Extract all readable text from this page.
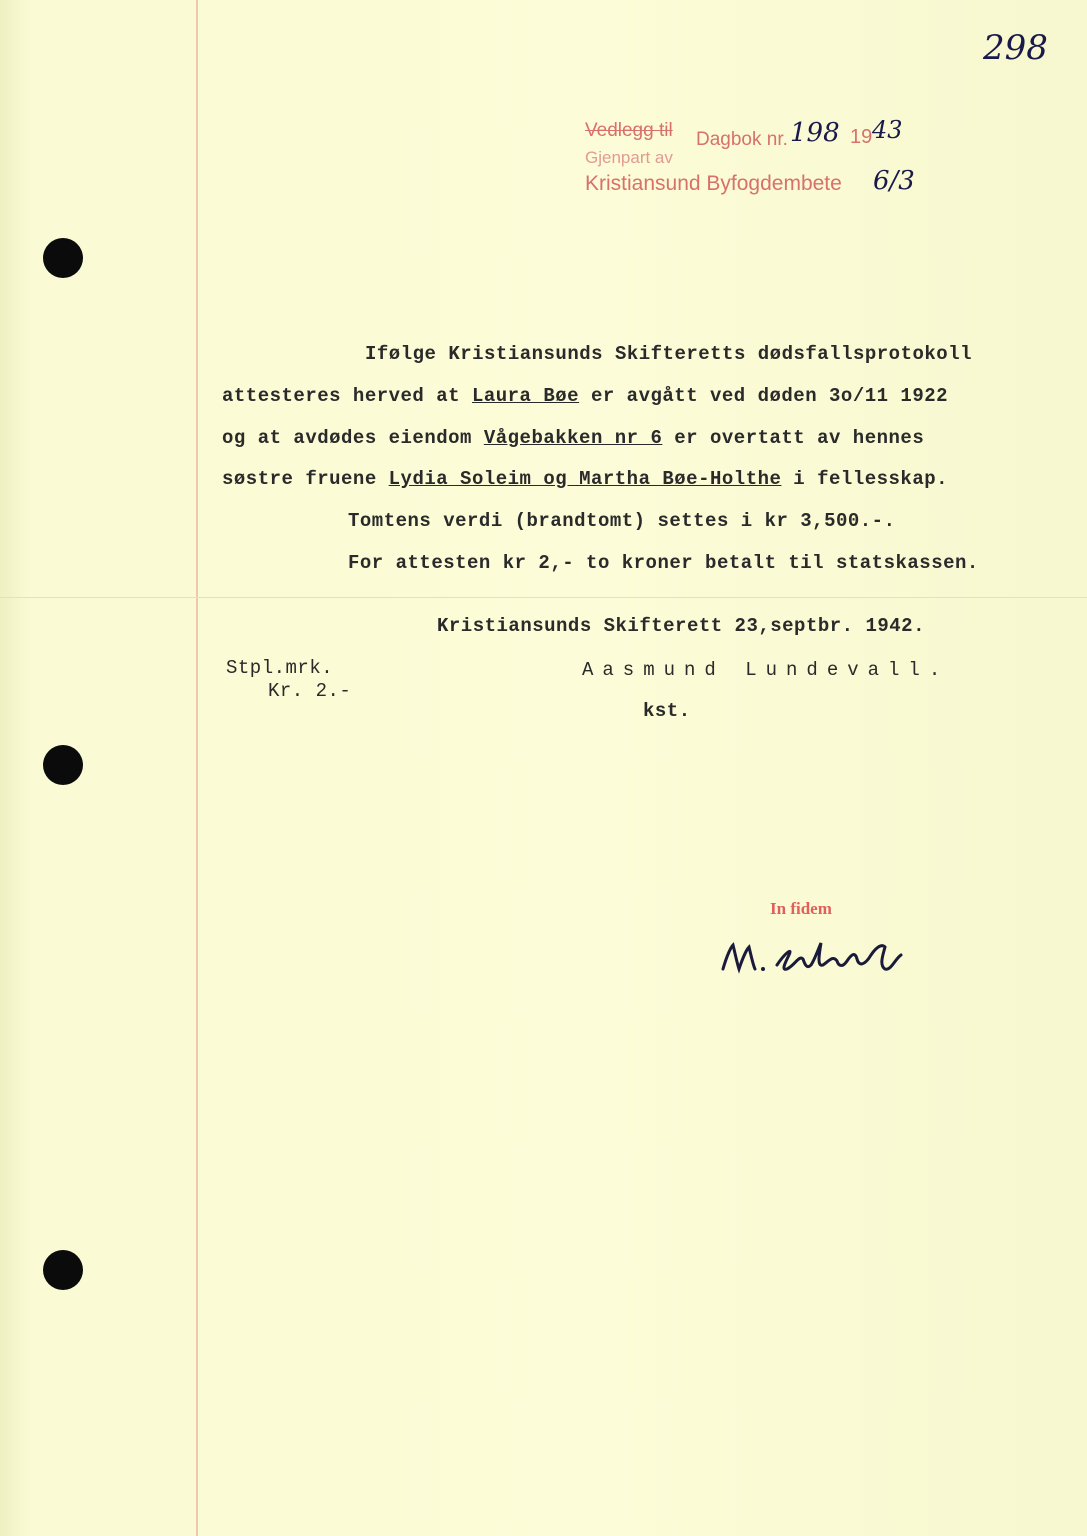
298
Vedlegg til Dagbok nr. 198 19 43
Gjenpart av
Kristiansund Byfogdembete 6/3
Ifølge Kristiansunds Skifteretts dødsfallsprotokoll
attesteres herved at Laura Bøe er avgått ved døden 3o/11 1922
og at avdødes eiendom Vågebakken nr 6 er overtatt av hennes
søstre fruene Lydia Soleim og Martha Bøe-Holthe i fellesskap.
Tomtens verdi (brandtomt) settes i kr 3,500.-.
For attesten kr 2,- to kroner betalt til statskassen.
Kristiansunds Skifterett 23,septbr. 1942.
Stpl.mrk.
Kr. 2.-
Aasmund Lundevall.
kst.
In fidem
